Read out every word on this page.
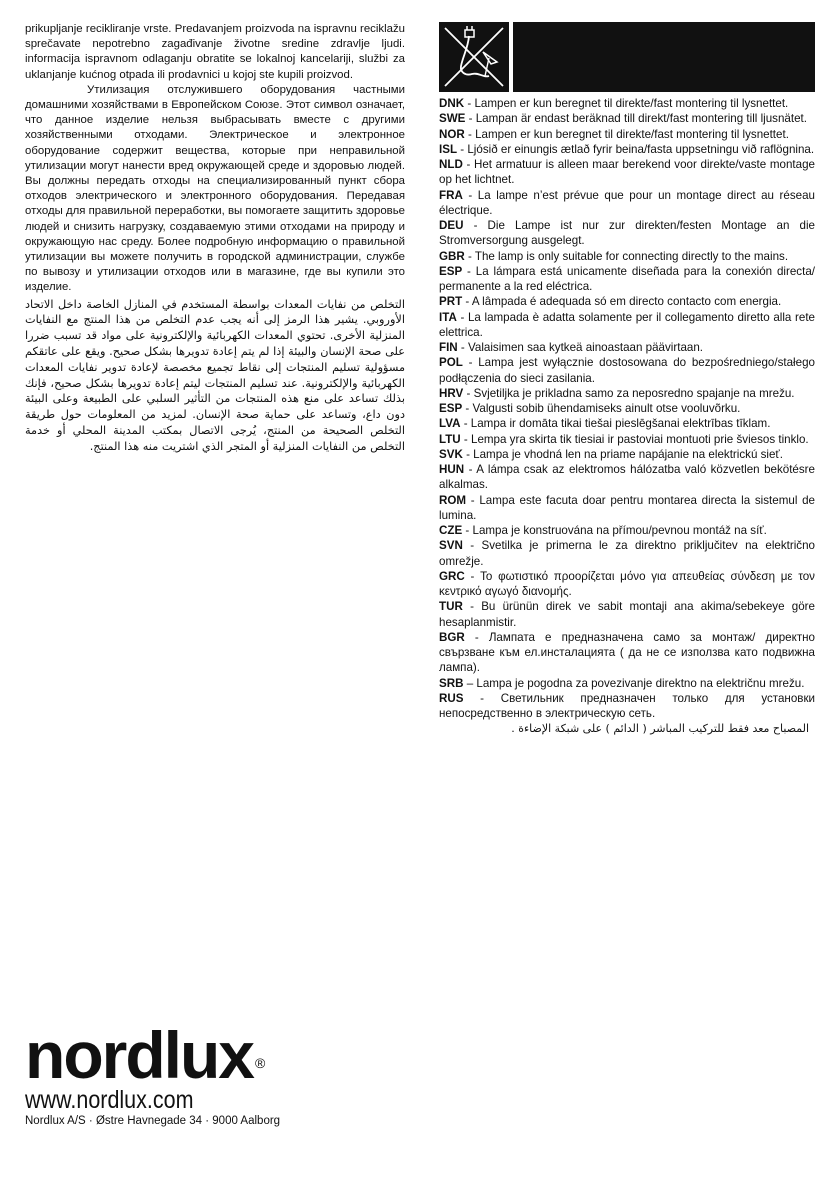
prikupljanje recikliranje vrste. Predavanjem proizvoda na ispravnu reciklažu sprečavate nepotrebno zagađivanje životne sredine zdravlje ljudi. informacija ispravnom odlaganju obratite se lokalnoj kancelariji, službi za uklanjanje kućnog otpada ili prodavnici u kojoj ste kupili proizvod.

Утилизация отслужившего оборудования частными домашними хозяйствами в Европейском Союзе. Этот символ означает, что данное изделие нельзя выбрасывать вместе с другими хозяйственными отходами. Электрическое и электронное оборудование содержит вещества, которые при неправильной утилизации могут нанести вред окружающей среде и здоровью людей. Вы должны передать отходы на специализированный пункт сбора отходов электрического и электронного оборудования. Передавая отходы для правильной переработки, вы помогаете защитить здоровье людей и снизить нагрузку, создаваемую этими отходами на природу и окружающую нас среду. Более подробную информацию о правильной утилизации вы можете получить в городской администрации, службе по вывозу и утилизации отходов или в магазине, где вы купили это изделие.

التخلص من نفايات المعدات بواسطة المستخدم في المنازل الخاصة داخل الاتحاد الأوروبي. يشير هذا الرمز إلى أنه يجب عدم التخلص من هذا المنتج مع النفايات المنزلية الأخرى. تحتوي المعدات الكهربائية والإلكترونية على مواد قد تسبب ضررا على صحة الإنسان والبيئة إذا لم يتم إعادة تدويرها بشكل صحيح. ويقع على عاتقكم مسؤولية تسليم المنتجات إلى نقاط تجميع مخصصة لإعادة تدوير نفايات المعدات الكهربائية والإلكترونية. عند تسليم المنتجات ليتم إعادة تدويرها بشكل صحيح، فإنك بذلك تساعد على منع هذه المنتجات من التأثير السلبي على الطبيعة وعلى البيئة دون داع، وتساعد على حماية صحة الإنسان. لمزيد من المعلومات حول طريقة التخلص الصحيحة من المنتج، يُرجى الاتصال بمكتب المدينة المحلي أو خدمة التخلص من النفايات المنزلية أو المتجر الذي اشتريت منه هذا المنتج.

DNK - Lampen er kun beregnet til direkte/fast montering til lysnettet.

SWE - Lampan är endast beräknad till direkt/fast montering till ljusnätet.

NOR - Lampen er kun beregnet til direkte/fast montering til lysnettet.

ISL - Ljósið er einungis ætlað fyrir beina/fasta uppsetningu við raflögnina.

NLD - Het armatuur is alleen maar berekend voor direkte/vaste montage op het lichtnet.

FRA - La lampe n’est prévue que pour un montage direct au réseau électrique.

DEU - Die Lampe ist nur zur direkten/festen Montage an die Stromversorgung ausgelegt.

GBR - The lamp is only suitable for connecting directly to the mains.

ESP - La lámpara está unicamente diseñada para la conexión directa/ permanente a la red eléctrica.

PRT - A lâmpada é adequada só em directo contacto com energia.

ITA - La lampada è adatta solamente per il collegamento diretto alla rete elettrica.

FIN - Valaisimen saa kytkeä ainoastaan päävirtaan.

POL - Lampa jest wyłącznie dostosowana do bezpośredniego/stałego podłączenia do sieci zasilania.

HRV - Svjetiljka je prikladna samo za neposredno spajanje na mrežu.

ESP - Valgusti sobib ühendamiseks ainult otse vooluvõrku.

LVA - Lampa ir domāta tikai tiešai pieslēgšanai elektrības tīklam.

LTU - Lempa yra skirta tik tiesiai ir pastoviai montuoti prie šviesos tinklo.

SVK - Lampa je vhodná len na priame napájanie na elektrickú sieť.

HUN - A lámpa csak az elektromos hálózatba való közvetlen bekötésre alkalmas.

ROM - Lampa este facuta doar pentru montarea directa la sistemul de lumina.

CZE - Lampa je konstruována na přímou/pevnou montáž na síť.

SVN - Svetilka je primerna le za direktno priključitev na električno omrežje.

GRC - Το φωτιστικό προορίζεται μόνο για απευθείας σύνδεση με τον κεντρικό αγωγό διανομής.

TUR - Bu ürünün direk ve sabit montaji ana akima/sebekeye göre hesaplanmistir.

BGR - Лампата е предназначена само за монтаж/ директно свързване към ел.инсталацията ( да не се използва като подвижна лампа).

SRB – Lampa je pogodna za povezivanje direktno na električnu mrežu.

RUS - Светильник предназначен только для установки непосредственно в электрическую сеть.

المصباح معد فقط للتركيب المباشر ( الدائم ) على شبكة الإضاءة .
nordlux ®
www.nordlux.com
Nordlux A/S · Østre Havnegade 34 · 9000 Aalborg
